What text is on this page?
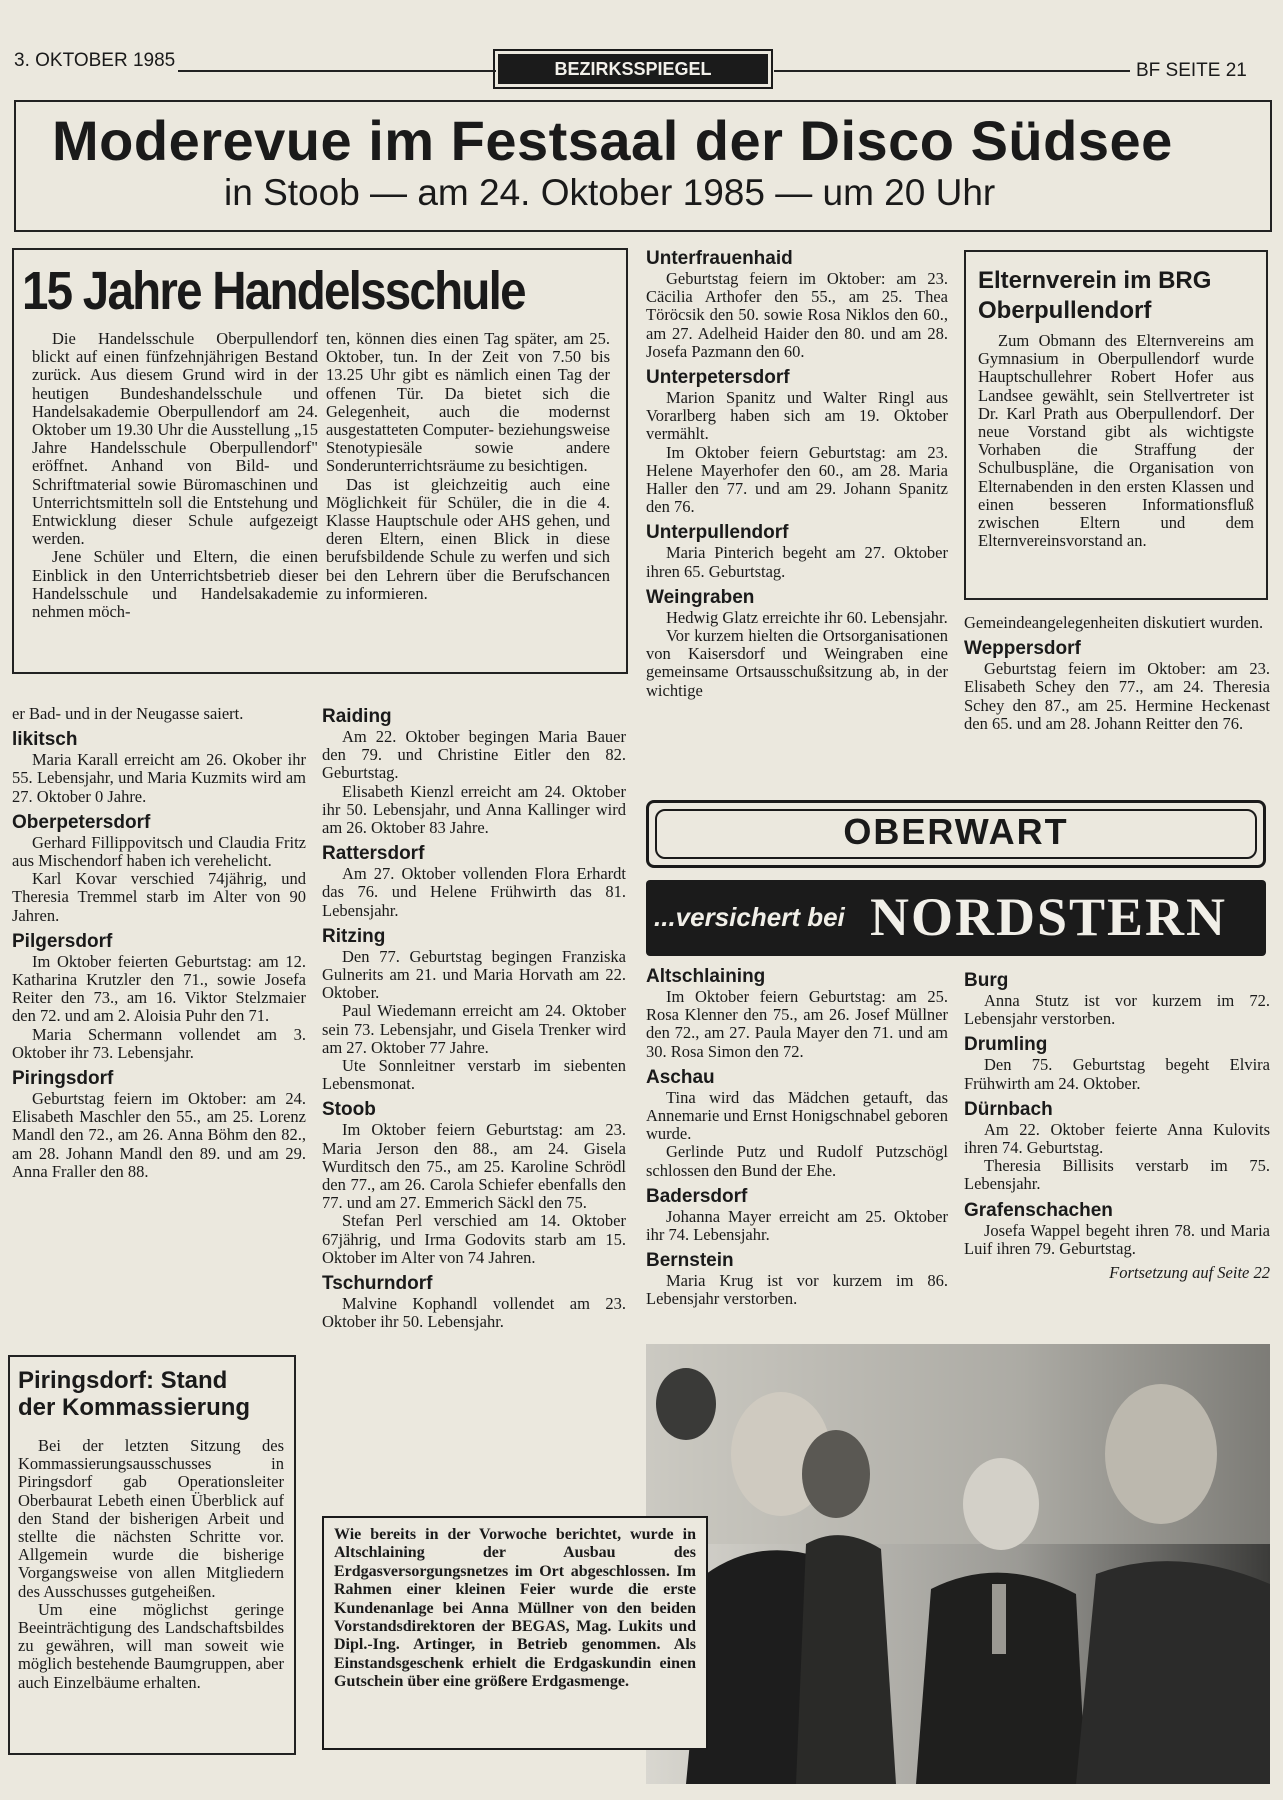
3. OKTOBER 1985	BEZIRKSSPIEGEL	BF SEITE 21
Moderevue im Festsaal der Disco Südsee
in Stoob — am 24. Oktober 1985 — um 20 Uhr
15 Jahre Handelsschule

Die Handelsschule Oberpullendorf blickt auf einen fünfzehnjährigen Bestand zurück. Aus diesem Grund wird in der heutigen Bundeshandelsschule und Handelsakademie Oberpullendorf am 24. Oktober um 19.30 Uhr die Ausstellung „15 Jahre Handelsschule Oberpullendorf" eröffnet. Anhand von Bild- und Schriftmaterial sowie Büromaschinen und Unterrichtsmitteln soll die Entstehung und Entwicklung dieser Schule aufgezeigt werden.

Jene Schüler und Eltern, die einen Einblick in den Unterrichtsbetrieb dieser Handelsschule und Handelsakademie nehmen möch-

ten, können dies einen Tag später, am 25. Oktober, tun. In der Zeit von 7.50 bis 13.25 Uhr gibt es nämlich einen Tag der offenen Tür. Da bietet sich die Gelegenheit, auch die modernst ausgestatteten Computer- beziehungsweise Stenotypiesäle sowie andere Sonderunterrichtsräume zu besichtigen.

Das ist gleichzeitig auch eine Möglichkeit für Schüler, die in die 4. Klasse Hauptschule oder AHS gehen, und deren Eltern, einen Blick in diese berufsbildende Schule zu werfen und sich bei den Lehrern über die Berufschancen zu informieren.

er Bad- und in der Neugasse saiert.

likitsch

Maria Karall erreicht am 26. Okober ihr 55. Lebensjahr, und Maria Kuzmits wird am 27. Oktober 0 Jahre.

Oberpetersdorf

Gerhard Fillippovitsch und Claudia Fritz aus Mischendorf haben ich verehelicht.

Karl Kovar verschied 74jährig, und Theresia Tremmel starb im Alter von 90 Jahren.

Pilgersdorf

Im Oktober feierten Geburtstag: am 12. Katharina Krutzler den 71., sowie Josefa Reiter den 73., am 16. Viktor Stelzmaier den 72. und am 2. Aloisia Puhr den 71.

Maria Schermann vollendet am 3. Oktober ihr 73. Lebensjahr.

Piringsdorf

Geburtstag feiern im Oktober: am 24. Elisabeth Maschler den 55., am 25. Lorenz Mandl den 72., am 26. Anna Böhm den 82., am 28. Johann Mandl den 89. und am 29. Anna Fraller den 88.

Piringsdorf: Stand der Kommassierung

Bei der letzten Sitzung des Kommassierungsausschusses in Piringsdorf gab Operationsleiter Oberbaurat Lebeth einen Überblick auf den Stand der bisherigen Arbeit und stellte die nächsten Schritte vor. Allgemein wurde die bisherige Vorgangsweise von allen Mitgliedern des Ausschusses gutgeheißen.

Um eine möglichst geringe Beeinträchtigung des Landschaftsbildes zu gewähren, will man soweit wie möglich bestehende Baumgruppen, aber auch Einzelbäume erhalten.

Raiding

Am 22. Oktober begingen Maria Bauer den 79. und Christine Eitler den 82. Geburtstag.

Elisabeth Kienzl erreicht am 24. Oktober ihr 50. Lebensjahr, und Anna Kallinger wird am 26. Oktober 83 Jahre.

Rattersdorf

Am 27. Oktober vollenden Flora Erhardt das 76. und Helene Frühwirth das 81. Lebensjahr.

Ritzing

Den 77. Geburtstag begingen Franziska Gulnerits am 21. und Maria Horvath am 22. Oktober.

Paul Wiedemann erreicht am 24. Oktober sein 73. Lebensjahr, und Gisela Trenker wird am 27. Oktober 77 Jahre.

Ute Sonnleitner verstarb im siebenten Lebensmonat.

Stoob

Im Oktober feiern Geburtstag: am 23. Maria Jerson den 88., am 24. Gisela Wurditsch den 75., am 25. Karoline Schrödl den 77., am 26. Carola Schiefer ebenfalls den 77. und am 27. Emmerich Säckl den 75.

Stefan Perl verschied am 14. Oktober 67jährig, und Irma Godovits starb am 15. Oktober im Alter von 74 Jahren.

Tschurndorf

Malvine Kophandl vollendet am 23. Oktober ihr 50. Lebensjahr.

Unterfrauenhaid

Geburtstag feiern im Oktober: am 23. Cäcilia Arthofer den 55., am 25. Thea Töröcsik den 50. sowie Rosa Niklos den 60., am 27. Adelheid Haider den 80. und am 28. Josefa Pazmann den 60.

Unterpetersdorf

Marion Spanitz und Walter Ringl aus Vorarlberg haben sich am 19. Oktober vermählt.

Im Oktober feiern Geburtstag: am 23. Helene Mayerhofer den 60., am 28. Maria Haller den 77. und am 29. Johann Spanitz den 76.

Unterpullendorf

Maria Pinterich begeht am 27. Oktober ihren 65. Geburtstag.

Weingraben

Hedwig Glatz erreichte ihr 60. Lebensjahr.

Vor kurzem hielten die Ortsorganisationen von Kaisersdorf und Weingraben eine gemeinsame Ortsausschußsitzung ab, in der wichtige

Elternverein im BRG Oberpullendorf

Zum Obmann des Elternvereins am Gymnasium in Oberpullendorf wurde Hauptschullehrer Robert Hofer aus Landsee gewählt, sein Stellvertreter ist Dr. Karl Prath aus Oberpullendorf. Der neue Vorstand gibt als wichtigste Vorhaben die Straffung der Schulbuspläne, die Organisation von Elternabenden in den ersten Klassen und einen besseren Informationsfluß zwischen Eltern und dem Elternvereinsvorstand an.

Gemeindeangelegenheiten diskutiert wurden.

Weppersdorf

Geburtstag feiern im Oktober: am 23. Elisabeth Schey den 77., am 24. Theresia Schey den 87., am 25. Hermine Heckenast den 65. und am 28. Johann Reitter den 76.

OBERWART
...versichert bei NORDSTERN
Altschlaining

Im Oktober feiern Geburtstag: am 25. Rosa Klenner den 75., am 26. Josef Müllner den 72., am 27. Paula Mayer den 71. und am 30. Rosa Simon den 72.

Aschau

Tina wird das Mädchen getauft, das Annemarie und Ernst Honigschnabel geboren wurde.

Gerlinde Putz und Rudolf Putzschögl schlossen den Bund der Ehe.

Badersdorf

Johanna Mayer erreicht am 25. Oktober ihr 74. Lebensjahr.

Bernstein

Maria Krug ist vor kurzem im 86. Lebensjahr verstorben.

Burg

Anna Stutz ist vor kurzem im 72. Lebensjahr verstorben.

Drumling

Den 75. Geburtstag begeht Elvira Frühwirth am 24. Oktober.

Dürnbach

Am 22. Oktober feierte Anna Kulovits ihren 74. Geburtstag.

Theresia Billisits verstarb im 75. Lebensjahr.

Grafenschachen

Josefa Wappel begeht ihren 78. und Maria Luif ihren 79. Geburtstag.

Fortsetzung auf Seite 22
Wie bereits in der Vorwoche berichtet, wurde in Altschlaining der Ausbau des Erdgasversorgungsnetzes im Ort abgeschlossen. Im Rahmen einer kleinen Feier wurde die erste Kundenanlage bei Anna Müllner von den beiden Vorstandsdirektoren der BEGAS, Mag. Lukits und Dipl.-Ing. Artinger, in Betrieb genommen. Als Einstandsgeschenk erhielt die Erdgaskundin einen Gutschein über eine größere Erdgasmenge.
